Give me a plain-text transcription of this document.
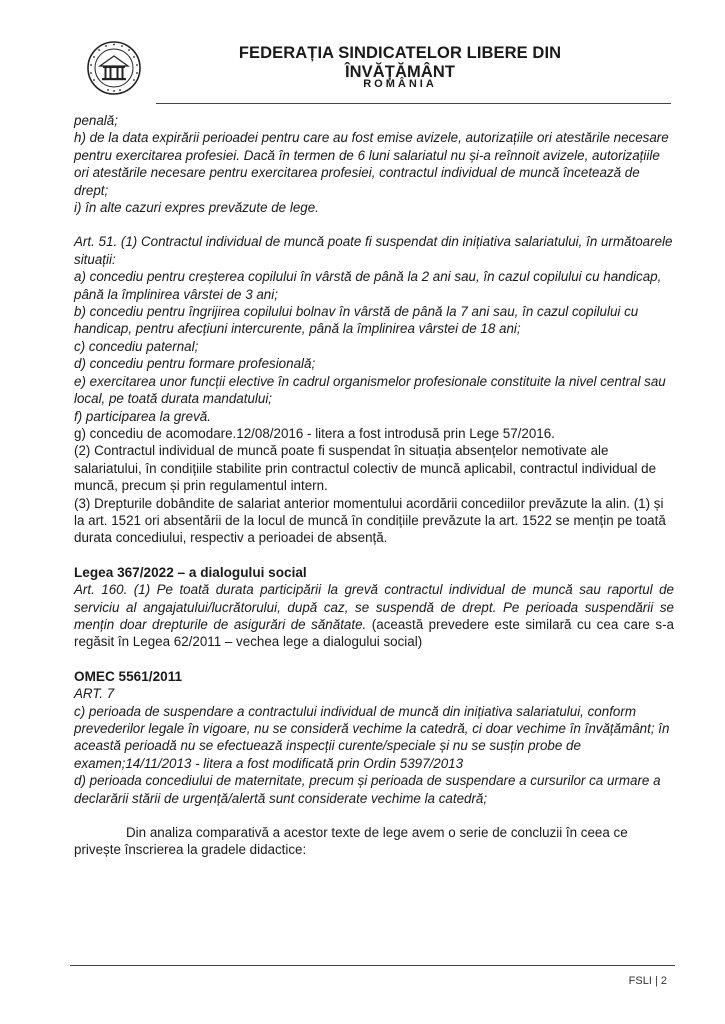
FEDERAȚIA SINDICATELOR LIBERE DIN ÎNVĂȚĂMÂNT
ROMÂNIA

penală;

h) de la data expirării perioadei pentru care au fost emise avizele, autorizațiile ori atestările necesare pentru exercitarea profesiei. Dacă în termen de 6 luni salariatul nu și-a reînnoit avizele, autorizațiile ori atestările necesare pentru exercitarea profesiei, contractul individual de muncă încetează de drept;

i) în alte cazuri expres prevăzute de lege.

Art. 51. (1) Contractul individual de muncă poate fi suspendat din inițiativa salariatului, în următoarele situații:

a) concediu pentru creșterea copilului în vârstă de până la 2 ani sau, în cazul copilului cu handicap, până la împlinirea vârstei de 3 ani;

b) concediu pentru îngrijirea copilului bolnav în vârstă de până la 7 ani sau, în cazul copilului cu handicap, pentru afecțiuni intercurente, până la împlinirea vârstei de 18 ani;

c) concediu paternal;

d) concediu pentru formare profesională;

e) exercitarea unor funcții elective în cadrul organismelor profesionale constituite la nivel central sau local, pe toată durata mandatului;

f) participarea la grevă.

g) concediu de acomodare.12/08/2016 - litera a fost introdusă prin Lege 57/2016.

(2) Contractul individual de muncă poate fi suspendat în situația absențelor nemotivate ale salariatului, în condițiile stabilite prin contractul colectiv de muncă aplicabil, contractul individual de muncă, precum și prin regulamentul intern.

(3) Drepturile dobândite de salariat anterior momentului acordării concediilor prevăzute la alin. (1) și la art. 1521 ori absentării de la locul de muncă în condițiile prevăzute la art. 1522 se mențin pe toată durata concediului, respectiv a perioadei de absență.

Legea 367/2022 – a dialogului social

Art. 160. (1) Pe toată durata participării la grevă contractul individual de muncă sau raportul de serviciu al angajatului/lucrătorului, după caz, se suspendă de drept. Pe perioada suspendării se mențin doar drepturile de asigurări de sănătate. (această prevedere este similară cu cea care s-a regăsit în Legea 62/2011 – vechea lege a dialogului social)

OMEC 5561/2011

ART. 7

c) perioada de suspendare a contractului individual de muncă din inițiativa salariatului, conform prevederilor legale în vigoare, nu se consideră vechime la catedră, ci doar vechime în învățământ; în această perioadă nu se efectuează inspecții curente/speciale și nu se susțin probe de examen;14/11/2013 - litera a fost modificată prin Ordin 5397/2013

d) perioada concediului de maternitate, precum și perioada de suspendare a cursurilor ca urmare a declarării stării de urgență/alertă sunt considerate vechime la catedră;

Din analiza comparativă a acestor texte de lege avem o serie de concluzii în ceea ce privește înscrierea la gradele didactice:

FSLI | 2
